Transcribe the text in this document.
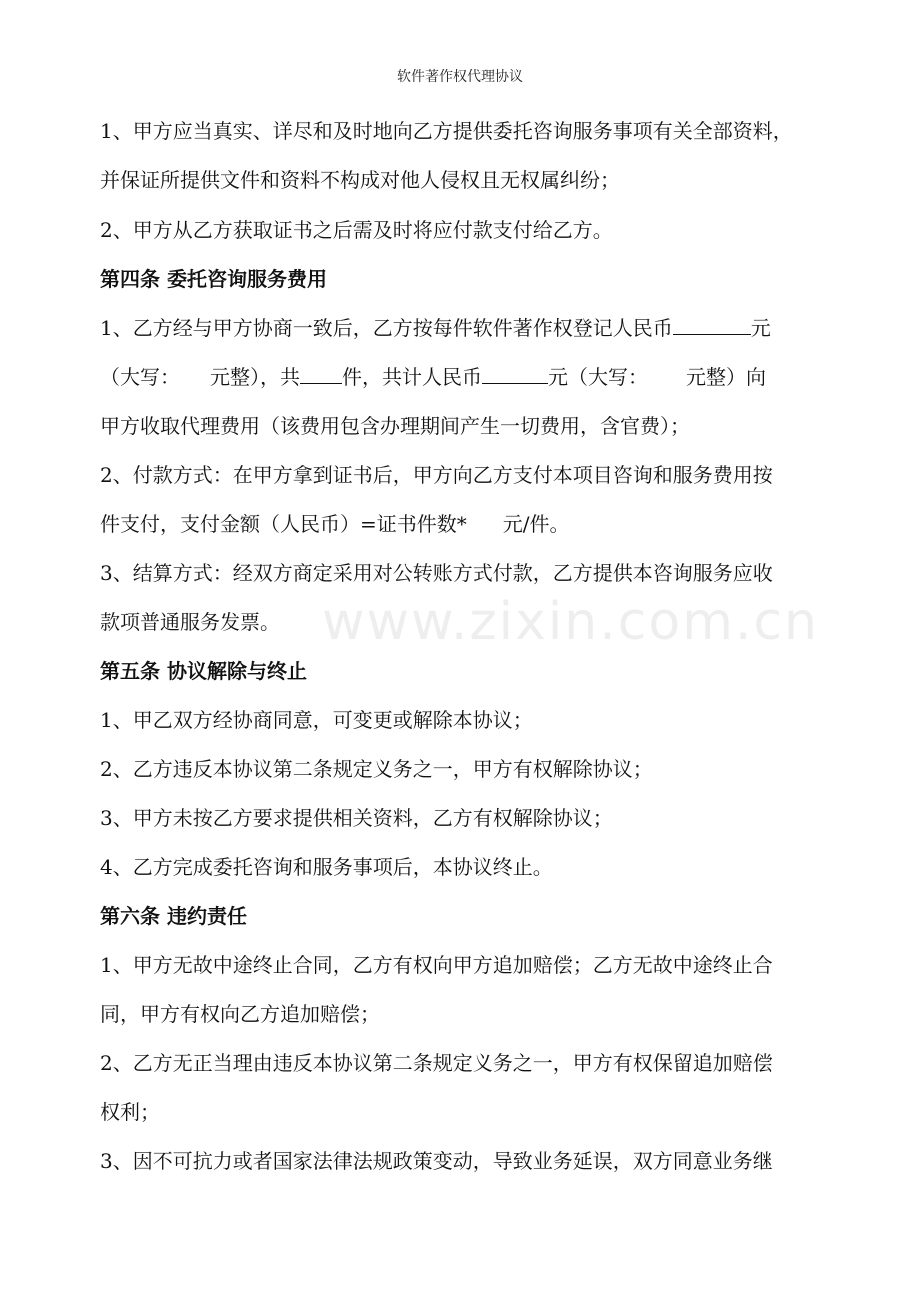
软件著作权代理协议
www.zixin.com.cn
1、甲方应当真实、详尽和及时地向乙方提供委托咨询服务事项有关全部资料，
并保证所提供文件和资料不构成对他人侵权且无权属纠纷；
2、甲方从乙方获取证书之后需及时将应付款支付给乙方。
第四条 委托咨询服务费用
1、乙方经与甲方协商一致后，乙方按每件软件著作权登记人民币	元
（大写： 元整），共 件，共计人民币	元（大写： 元整）向
甲方收取代理费用（该费用包含办理期间产生一切费用，含官费）；
2、付款方式：在甲方拿到证书后，甲方向乙方支付本项目咨询和服务费用按
件支付，支付金额（人民币）=证书件数* 元/件。
3、结算方式：经双方商定采用对公转账方式付款，乙方提供本咨询服务应收
款项普通服务发票。
第五条 协议解除与终止
1、甲乙双方经协商同意，可变更或解除本协议；
2、乙方违反本协议第二条规定义务之一，甲方有权解除协议；
3、甲方未按乙方要求提供相关资料，乙方有权解除协议；
4、乙方完成委托咨询和服务事项后，本协议终止。
第六条 违约责任
1、甲方无故中途终止合同，乙方有权向甲方追加赔偿；乙方无故中途终止合
同，甲方有权向乙方追加赔偿；
2、乙方无正当理由违反本协议第二条规定义务之一，甲方有权保留追加赔偿
权利；
3、因不可抗力或者国家法律法规政策变动，导致业务延误，双方同意业务继
